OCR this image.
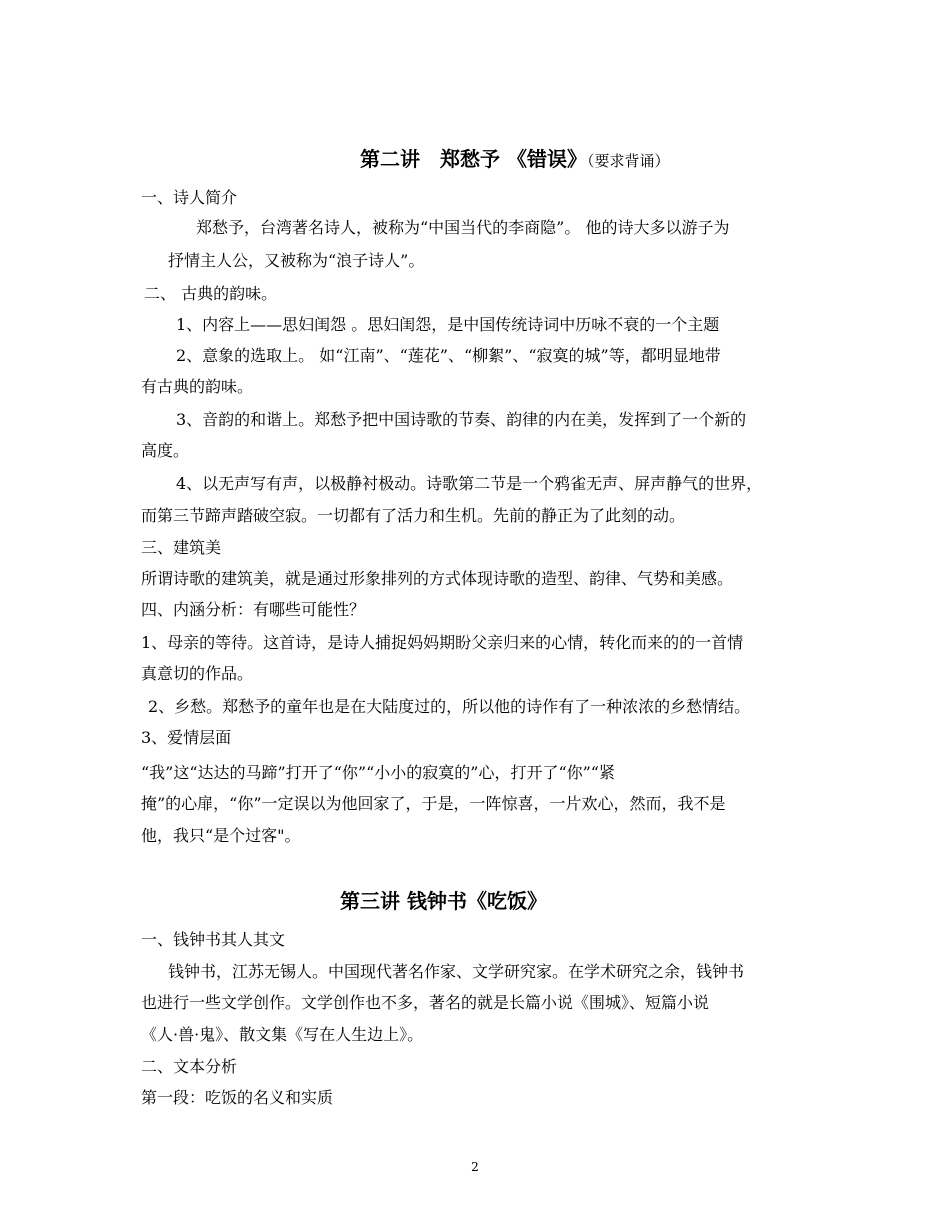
第二讲　郑愁予 《错误》（要求背诵）
一、诗人简介
郑愁予，台湾著名诗人，被称为“中国当代的李商隐”。 他的诗大多以游子为
抒情主人公，又被称为“浪子诗人”。
二、 古典的韵味。
1、内容上——思妇闺怨 。思妇闺怨，是中国传统诗词中历咏不衰的一个主题
2、意象的选取上。 如“江南”、“莲花”、“柳絮”、“寂寞的城”等，都明显地带
有古典的韵味。
3、音韵的和谐上。郑愁予把中国诗歌的节奏、韵律的内在美，发挥到了一个新的
高度。
4、以无声写有声，以极静衬极动。诗歌第二节是一个鸦雀无声、屏声静气的世界，
而第三节蹄声踏破空寂。一切都有了活力和生机。先前的静正为了此刻的动。
三、建筑美
所谓诗歌的建筑美，就是通过形象排列的方式体现诗歌的造型、韵律、气势和美感。
四、内涵分析：有哪些可能性？
1、母亲的等待。这首诗，是诗人捕捉妈妈期盼父亲归来的心情，转化而来的的一首情
真意切的作品。
2、乡愁。郑愁予的童年也是在大陆度过的，所以他的诗作有了一种浓浓的乡愁情结。
3、爱情层面
“我”这“达达的马蹄”打开了“你”“小小的寂寞的”心，打开了“你”“紧
掩”的心扉，“你”一定误以为他回家了，于是，一阵惊喜，一片欢心，然而，我不是
他，我只“是个过客"。
第三讲 钱钟书《吃饭》
一、钱钟书其人其文
钱钟书，江苏无锡人。中国现代著名作家、文学研究家。在学术研究之余，钱钟书
也进行一些文学创作。文学创作也不多，著名的就是长篇小说《围城》、短篇小说
《人·兽·鬼》、散文集《写在人生边上》。
二、文本分析
第一段：吃饭的名义和实质
2
